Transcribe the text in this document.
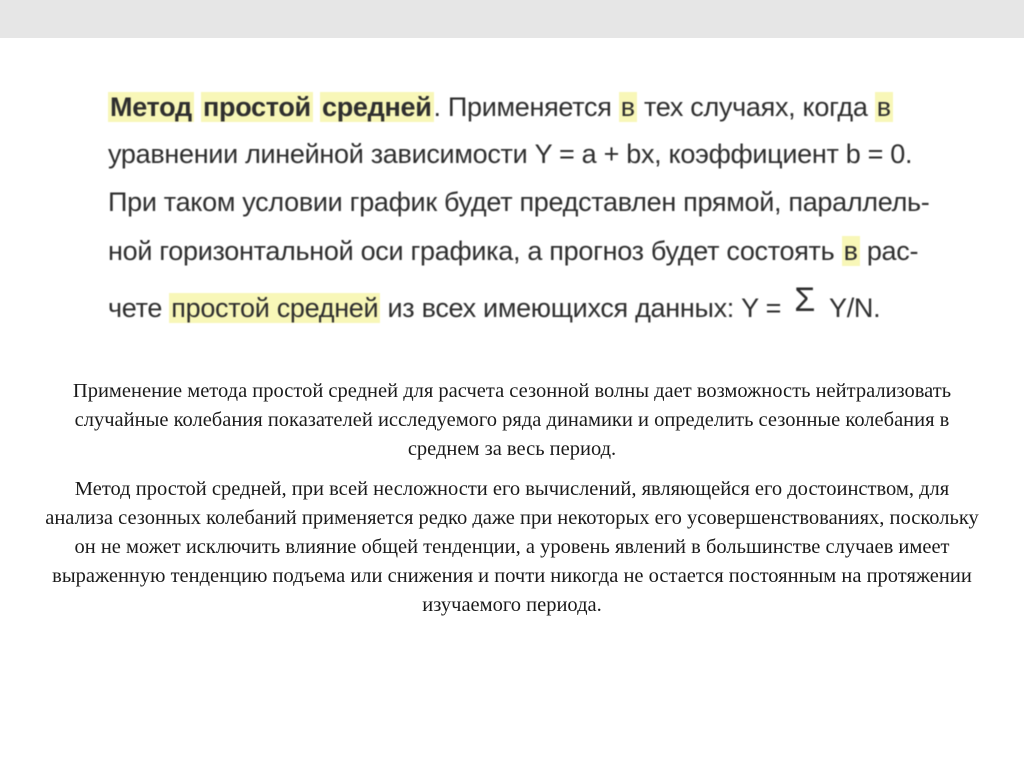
Метод простой средней. Применяется в тех случаях, когда в
уравнении линейной зависимости Y = a + bx, коэффициент b = 0.
При таком условии график будет представлен прямой, параллель-
ной горизонтальной оси графика, а прогноз будет состоять в рас-
чете простой средней из всех имеющихся данных: Y = Σ Y/N.
Применение метода простой средней для расчета сезонной волны дает возможность нейтрализовать случайные колебания показателей исследуемого ряда динамики и определить сезонные колебания в среднем за весь период.
Метод простой средней, при всей несложности его вычислений, являющейся его достоинством, для анализа сезонных колебаний применяется редко даже при некоторых его усовершенствованиях, поскольку он не может исключить влияние общей тенденции, а уровень явлений в большинстве случаев имеет выраженную тенденцию подъема или снижения и почти никогда не остается постоянным на протяжении изучаемого периода.
